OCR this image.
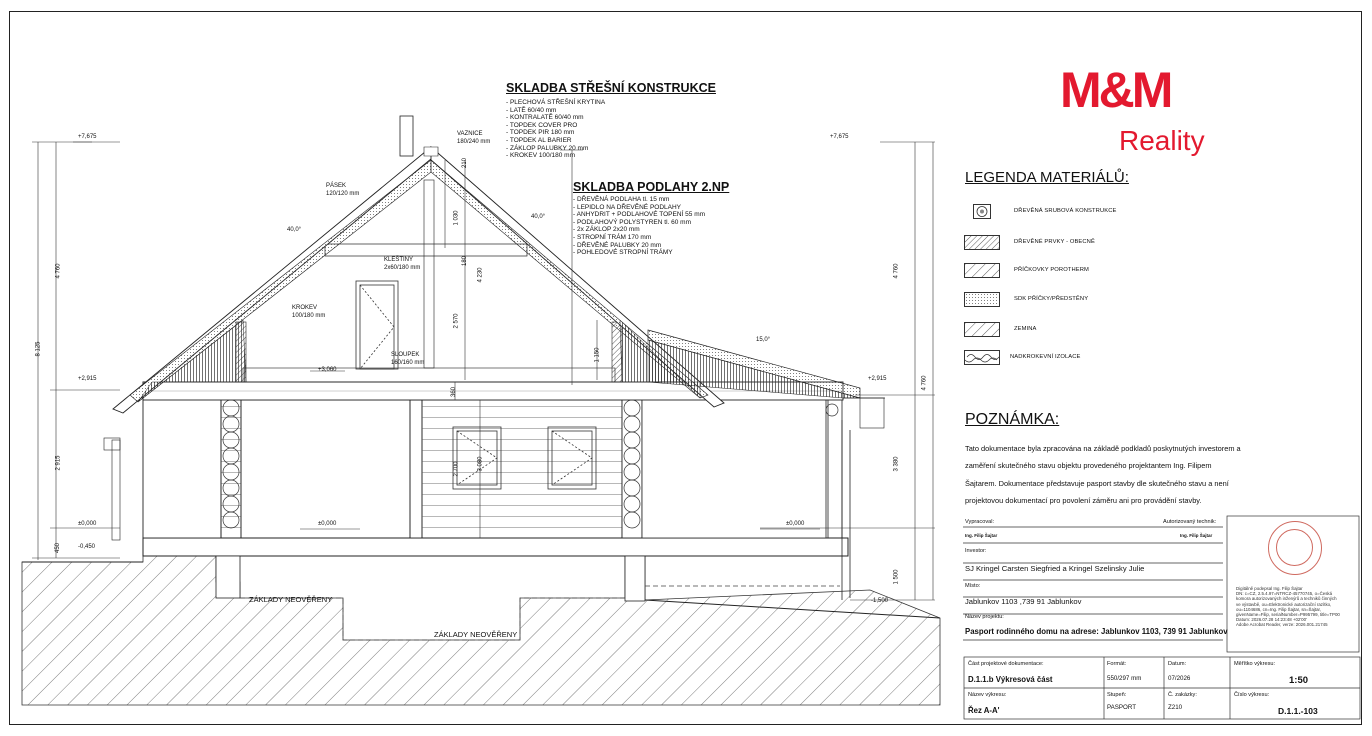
SKLADBA STŘEŠNÍ KONSTRUKCE
- PLECHOVÁ STŘEŠNÍ KRYTINA
- LATĚ 60/40 mm
- KONTRALATĚ 60/40 mm
- TOPDEK COVER PRO
- TOPDEK PIR 180 mm
- TOPDEK AL BARIER
- ZÁKLOP PALUBKY 20 mm
- KROKEV 100/180 mm
SKLADBA PODLAHY 2.NP
- DŘEVĚNÁ PODLAHA tl. 15 mm
- LEPIDLO NA DŘEVĚNÉ PODLAHY
- ANHYDRIT + PODLAHOVÉ TOPENÍ 55 mm
- PODLAHOVÝ POLYSTYREN tl. 60 mm
- 2x ZÁKLOP 2x20 mm
- STROPNÍ TRÁM 170 mm
- DŘEVĚNÉ PALUBKY 20 mm
- POHLEDOVÉ STROPNÍ TRÁMY
VAZNICE
180/240 mm
PÁSEK
120/120 mm
KLEŠTINY
2x60/180 mm
KROKEV
100/180 mm
SLOUPEK
160/160 mm
ZÁKLADY NEOVĚŘENY
ZÁKLADY NEOVĚŘENY
40,0°
40,0°
15,0°
+7,675	+7,675
+2,915	+2,915
+3,060
±0,000	±0,000	±0,000
-0,450
-1,500
4 760
8 125
2 915
450
1 030
210
180
4 230
2 570
1 150
360
2 700	3 080
4 760
4 760
3 380
1 500
M&M
Reality
LEGENDA MATERIÁLŮ:
DŘEVĚNÁ SRUBOVÁ KONSTRUKCE
DŘEVĚNÉ PRVKY - OBECNĚ
PŘÍČKOVKY POROTHERM
SDK PŘÍČKY/PŘEDSTĚNY
ZEMINA
NADKROKEVNÍ IZOLACE
POZNÁMKA:
Tato dokumentace byla zpracována na základě podkladů poskytnutých investorem a zaměření skutečného stavu objektu provedeného projektantem Ing. Filipem Šajtarem. Dokumentace představuje pasport stavby dle skutečného stavu a není projektovou dokumentací pro povolení záměru ani pro provádění stavby.
Vypracoval:
Ing. Filip Šajtar
Autorizovaný technik:
Ing. Filip Šajtar
Investor:
SJ Kringel Carsten Siegfried a Kringel Szelinsky Julie
Místo:
Jablunkov 1103 ,739 91 Jablunkov
Název projektu:
Pasport rodinného domu na adrese: Jablunkov 1103, 739 91 Jablunkov
Digitálně podepsal Ing. Filip Šajtar
DN: c=CZ, 2.5.4.97=NTRCZ-45770745, o=Česká
komora autorizovaných inženýrů a techniků činných
ve výstavbě, ou=Elektronické autorizační razítko,
ou=1104686, cn=Ing. Filip Šajtar, sn=Šajtar,
givenName=Filip, serialNumber=P995799, title=TP00
Datum: 2026.07.28 14:23:48 +02'00'
Adobe Acrobat Reader, verze: 2026.001.21745
Část projektové dokumentace:
D.1.1.b Výkresová část
Formát:
550/297 mm
Datum:
07/2026
Měřítko výkresu:
1:50
Název výkresu:
Řez A-A'
Stupeň:
PASPORT
Č. zakázky:
Z210
Číslo výkresu:
D.1.1.-103
